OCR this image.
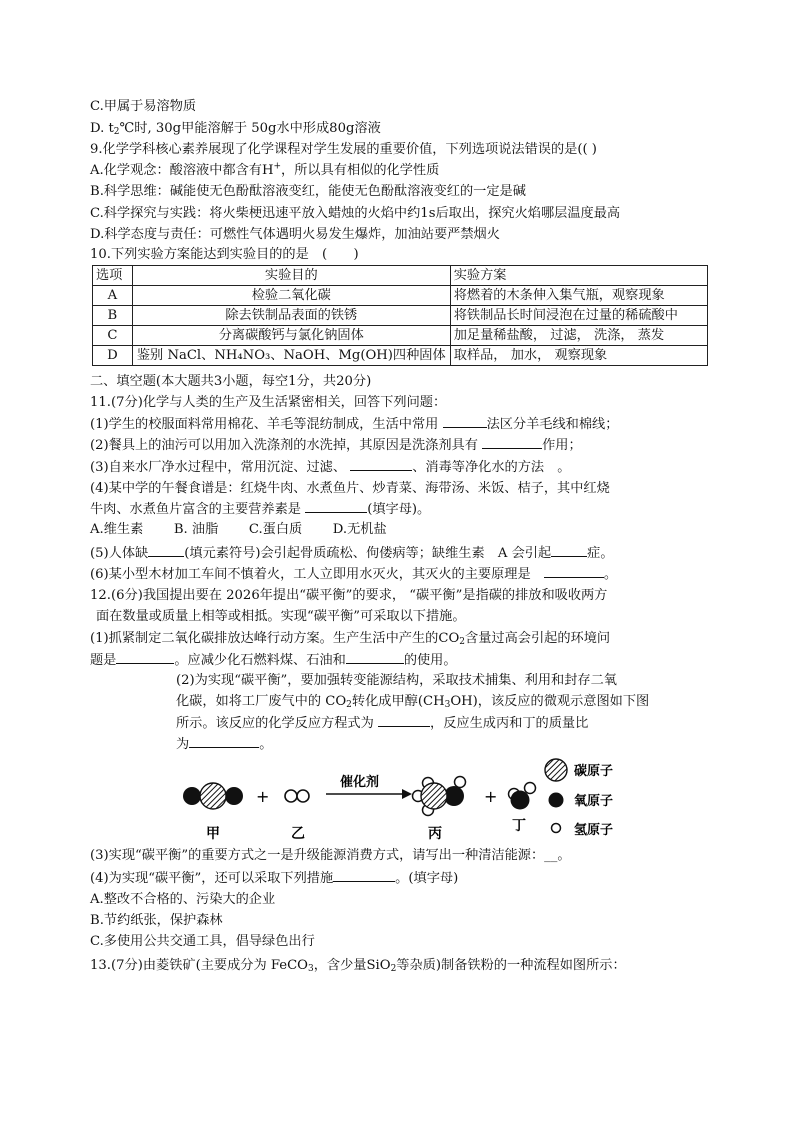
C.甲属于易溶物质
D. $t_2℃$时, 30g甲能溶解于 50g水中形成80g溶液
9.化学学科核心素养展现了化学课程对学生发展的重要价值，下列选项说法错误的是(( )
A.化学观念：酸溶液中都含有H+，所以具有相似的化学性质
B.科学思维：碱能使无色酚酞溶液变红，能使无色酚酞溶液变红的一定是碱
C.科学探究与实践：将火柴梗迅速平放入蜡烛的火焰中约1s后取出，探究火焰哪层温度最高
D.科学态度与责任：可燃性气体遇明火易发生爆炸，加油站要严禁烟火
10.下列实验方案能达到实验目的的是　(　　)
选项	实验目的	实验方案
A	检验二氧化碳	将燃着的木条伸入集气瓶，观察现象
B	除去铁制品表面的铁锈	将铁制品长时间浸泡在过量的稀硫酸中
C	分离碳酸钙与氯化钠固体	加足量稀盐酸， 过滤， 洗涤， 蒸发
D	鉴别 NaCl、NH₄NO₃、NaOH、Mg(OH)四种固体	取样品， 加水， 观察现象
二、填空题(本大题共3小题，每空1分，共20分)
11.(7分)化学与人类的生产及生活紧密相关，回答下列问题：
(1)学生的校服面料常用棉花、羊毛等混纺制成，生活中常用	法区分羊毛线和棉线；
(2)餐具上的油污可以用加入洗涤剂的水洗掉，其原因是洗涤剂具有	作用；
(3)自来水厂净水过程中，常用沉淀、过滤、	、消毒等净化水的方法　。
(4)某中学的午餐食谱是：红烧牛肉、水煮鱼片、炒青菜、海带汤、米饭、桔子，其中红烧
牛肉、水煮鱼片富含的主要营养素是	(填字母)。
A.维生素　　 B. 油脂　　 C.蛋白质　　 D.无机盐
(5)人体缺	(填元素符号)会引起骨质疏松、佝偻病等；缺维生素　A 会引起	症。
(6)某小型木材加工车间不慎着火，工人立即用水灭火，其灭火的主要原理是　	。
12.(6分)我国提出要在 2026年提出“碳平衡”的要求， “碳平衡”是指碳的排放和吸收两方
面在数量或质量上相等或相抵。实现“碳平衡”可采取以下措施。
(1)抓紧制定二氧化碳排放达峰行动方案。生产生活中产生的$CO_2$含量过高会引起的环境问
题是	。应减少化石燃料煤、石油和	的使用。
(2)为实现“碳平衡”，要加强转变能源结构，采取技术捕集、利用和封存二氧
化碳，如将工厂废气中的 $CO_2$转化成甲醇$(CH_3OH)$，该反应的微观示意图如下图
所示。该反应的化学反应方程式为	，反应生成丙和丁的质量比
为	。
+
催化剂
+
甲	乙	丙	丁
碳原子
氧原子
氢原子
(3)实现“碳平衡”的重要方式之一是升级能源消费方式，请写出一种清洁能源：__。
(4)为实现“碳平衡”，还可以采取下列措施	。(填字母)
A.整改不合格的、污染大的企业
B.节约纸张，保护森林
C.多使用公共交通工具，倡导绿色出行
13.(7分)由菱铁矿(主要成分为 FeCO$_3$，含少量SiO$_2$等杂质)制备铁粉的一种流程如图所示：
